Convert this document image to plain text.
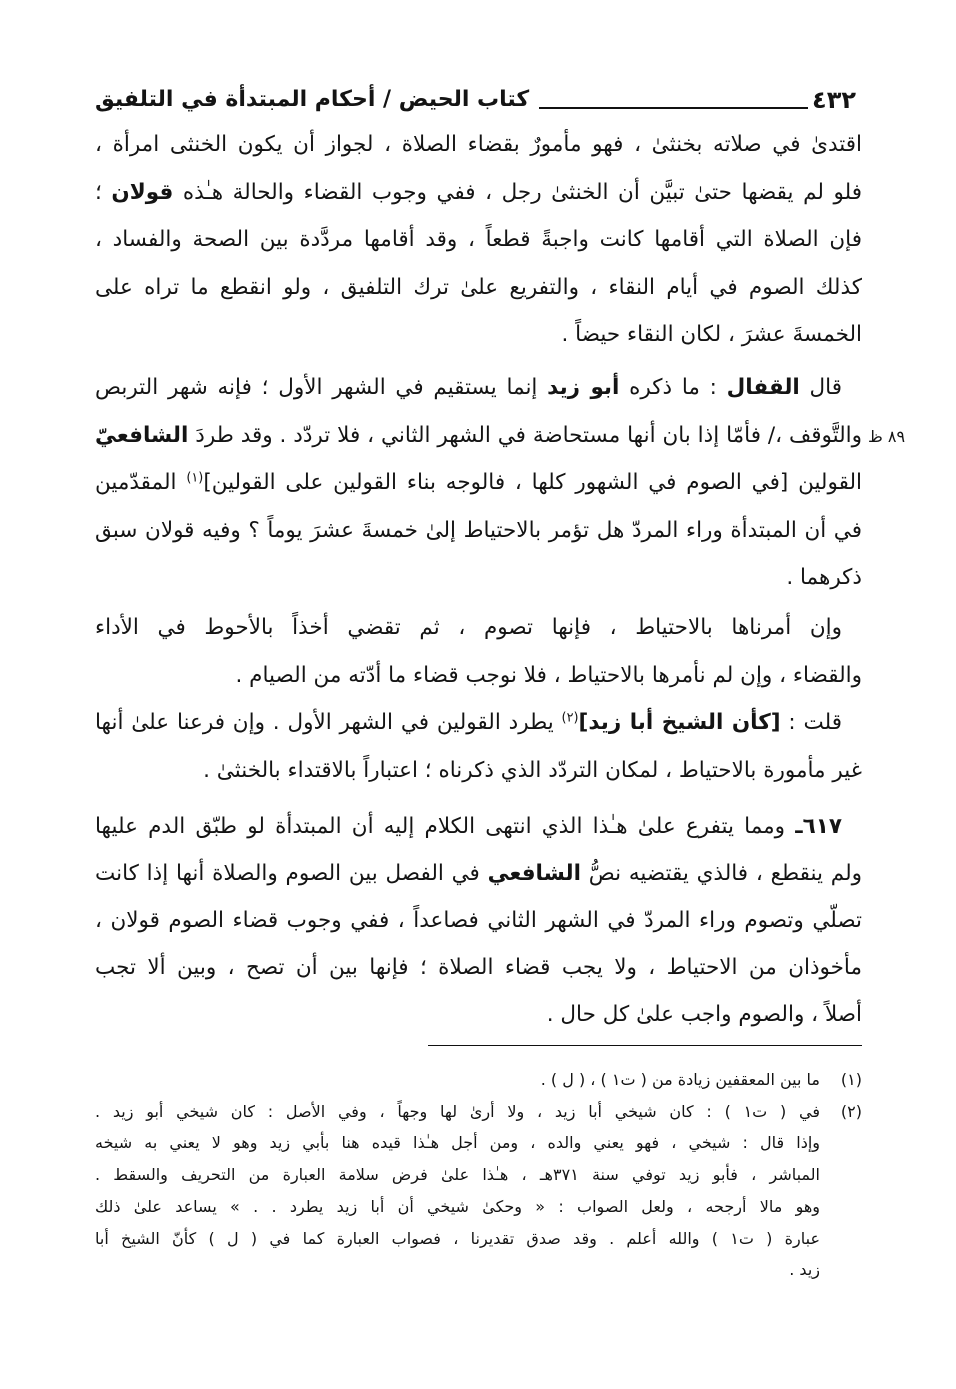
٤٣٢
كتاب الحيض / أحكام المبتدأة في التلفيق
ظ ٨٩
اقتدىٰ في صلاته بخنثىٰ ، فهو مأمورٌ بقضاء الصلاة ، لجواز أن يكون الخنثى امرأة ،
فلو لم يقضها حتىٰ تبيَّن أن الخنثىٰ رجل ، ففي وجوب القضاء والحالة هـٰذه قولان ؛
فإن الصلاة التي أقامها كانت واجبةً قطعاً ، وقد أقامها مردَّدة بين الصحة والفساد ،
كذلك الصوم في أيام النقاء ، والتفريع علىٰ ترك التلفيق ، ولو انقطع ما تراه على
الخمسةَ عشرَ ، لكان النقاء حيضاً .
قال القفال : ما ذكره أبو زيد إنما يستقيم في الشهر الأول ؛ فإنه شهر التربص
والتَّوقف ،/ فأمّا إذا بان أنها مستحاضة في الشهر الثاني ، فلا تردّد . وقد طردَ الشافعيّ
القولين [في الصوم في الشهور كلها ، فالوجه بناء القولين على القولين]$^{(١)}$ المقدّمين
في أن المبتدأة وراء المردّ هل تؤمر بالاحتياط إلىٰ خمسةَ عشرَ يوماً ؟ وفيه قولان سبق
ذكرهما .
وإن أمرناها بالاحتياط ، فإنها تصوم ، ثم تقضي أخذاً بالأحوط في الأداء
والقضاء ، وإن لم نأمرها بالاحتياط ، فلا نوجب قضاء ما أدّته من الصيام .
قلت : [كأن الشيخ أبا زيد]$^{(٢)}$ يطرد القولين في الشهر الأول . وإن فرعنا علىٰ أنها
غير مأمورة بالاحتياط ، لمكان التردّد الذي ذكرناه ؛ اعتباراً بالاقتداء بالخنثىٰ .
٦١٧ـ ومما يتفرع علىٰ هـٰذا الذي انتهى الكلام إليه أن المبتدأة لو طبّق الدم عليها
ولم ينقطع ، فالذي يقتضيه نصُّ الشافعي في الفصل بين الصوم والصلاة أنها إذا كانت
تصلّي وتصوم وراء المردّ في الشهر الثاني فصاعداً ، ففي وجوب قضاء الصوم قولان ،
مأخوذان من الاحتياط ، ولا يجب قضاء الصلاة ؛ فإنها بين أن تصح ، وبين ألا تجب
أصلاً ، والصوم واجب علىٰ كل حال .
(١)
ما بين المعقفين زيادة من ( ت١ ) ، ( ل ) .
(٢)
في ( ت١ ) : كان شيخي أبا زيد ، ولا أرىٰ لها وجهاً ، وفي الأصل : كان شيخي أبو زيد .
وإذا قال : شيخي ، فهو يعني والده ، ومن أجل هـٰذا قيده هنا بأبي زيد وهو لا يعني به شيخه
المباشر ، فأبو زيد توفي سنة ٣٧١هـ ، هـٰذا علىٰ فرض سلامة العبارة من التحريف والسقط .
وهو مالا أرجحه ، ولعل الصواب : « وحكىٰ شيخي أن أبا زيد يطرد . . » يساعد علىٰ ذلك
عبارة ( ت١ ) والله أعلم . وقد صدق تقديرنا ، فصواب العبارة كما في ( ل ) كأنّ الشيخ أبا
زيد .
